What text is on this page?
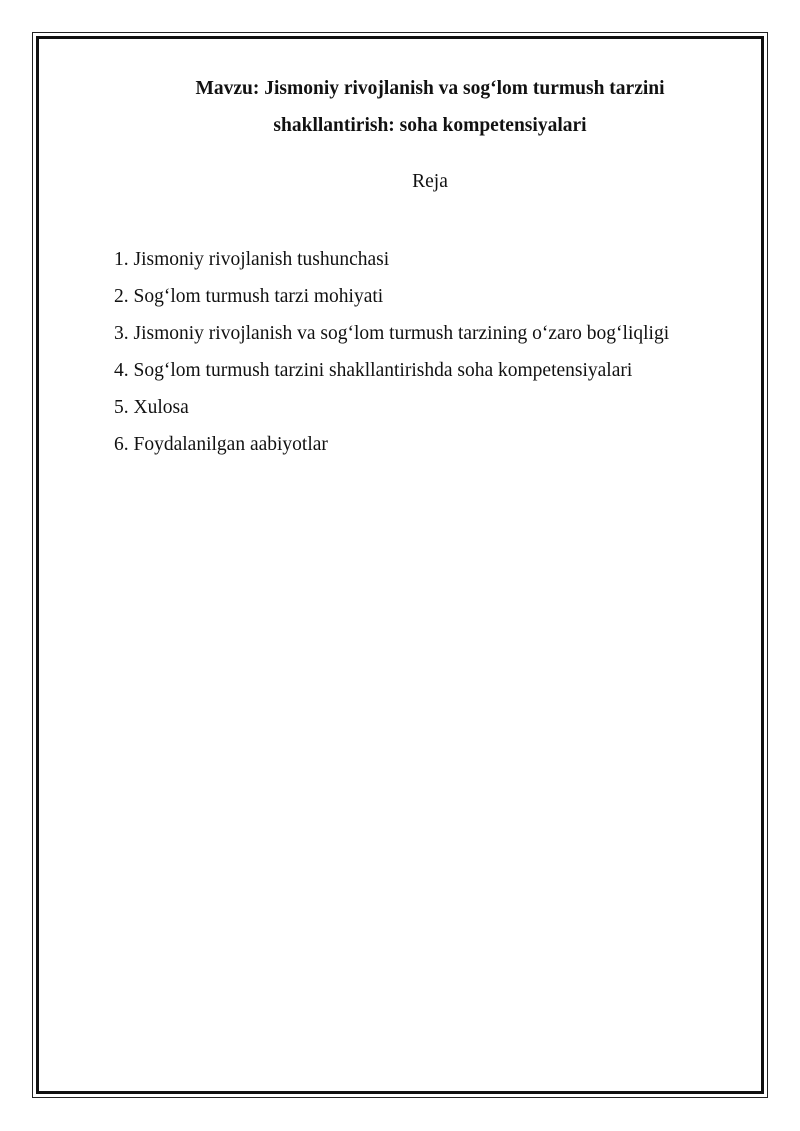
Mavzu: Jismoniy rivojlanish va sog‘lom turmush tarzini
shakllantirish: soha kompetensiyalari
Reja
1. Jismoniy rivojlanish tushunchasi
2. Sog‘lom turmush tarzi mohiyati
3. Jismoniy rivojlanish va sog‘lom turmush tarzining o‘zaro bog‘liqligi
4. Sog‘lom turmush tarzini shakllantirishda soha kompetensiyalari
5. Xulosa
6. Foydalanilgan aabiyotlar
